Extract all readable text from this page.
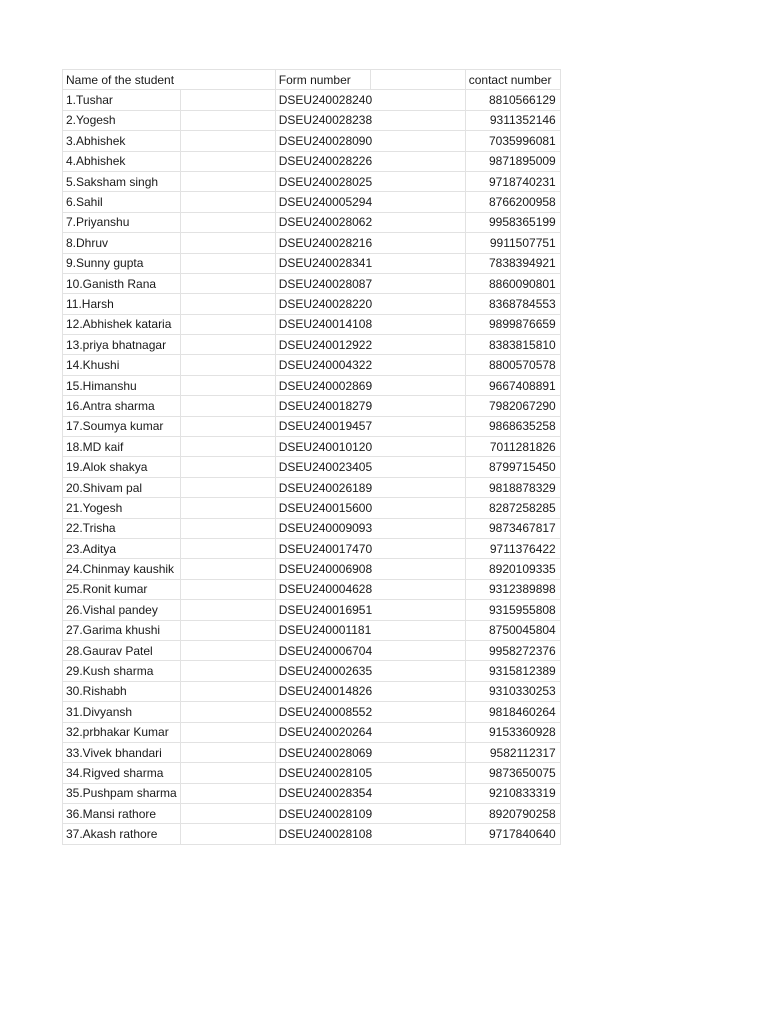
Name of the student		Form number		contact number
1.Tushar		DSEU240028240		8810566129
2.Yogesh		DSEU240028238		9311352146
3.Abhishek		DSEU240028090		7035996081
4.Abhishek		DSEU240028226		9871895009
5.Saksham singh		DSEU240028025		9718740231
6.Sahil		DSEU240005294		8766200958
7.Priyanshu		DSEU240028062		9958365199
8.Dhruv		DSEU240028216		9911507751
9.Sunny gupta		DSEU240028341		7838394921
10.Ganisth Rana		DSEU240028087		8860090801
11.Harsh		DSEU240028220		8368784553
12.Abhishek kataria		DSEU240014108		9899876659
13.priya bhatnagar		DSEU240012922		8383815810
14.Khushi		DSEU240004322		8800570578
15.Himanshu		DSEU240002869		9667408891
16.Antra sharma		DSEU240018279		7982067290
17.Soumya kumar		DSEU240019457		9868635258
18.MD kaif		DSEU240010120		7011281826
19.Alok shakya		DSEU240023405		8799715450
20.Shivam pal		DSEU240026189		9818878329
21.Yogesh		DSEU240015600		8287258285
22.Trisha		DSEU240009093		9873467817
23.Aditya		DSEU240017470		9711376422
24.Chinmay kaushik		DSEU240006908		8920109335
25.Ronit kumar		DSEU240004628		9312389898
26.Vishal pandey		DSEU240016951		9315955808
27.Garima khushi		DSEU240001181		8750045804
28.Gaurav Patel		DSEU240006704		9958272376
29.Kush sharma		DSEU240002635		9315812389
30.Rishabh		DSEU240014826		9310330253
31.Divyansh		DSEU240008552		9818460264
32.prbhakar Kumar		DSEU240020264		9153360928
33.Vivek bhandari		DSEU240028069		9582112317
34.Rigved sharma		DSEU240028105		9873650075
35.Pushpam sharma		DSEU240028354		9210833319
36.Mansi rathore		DSEU240028109		8920790258
37.Akash rathore		DSEU240028108		9717840640
